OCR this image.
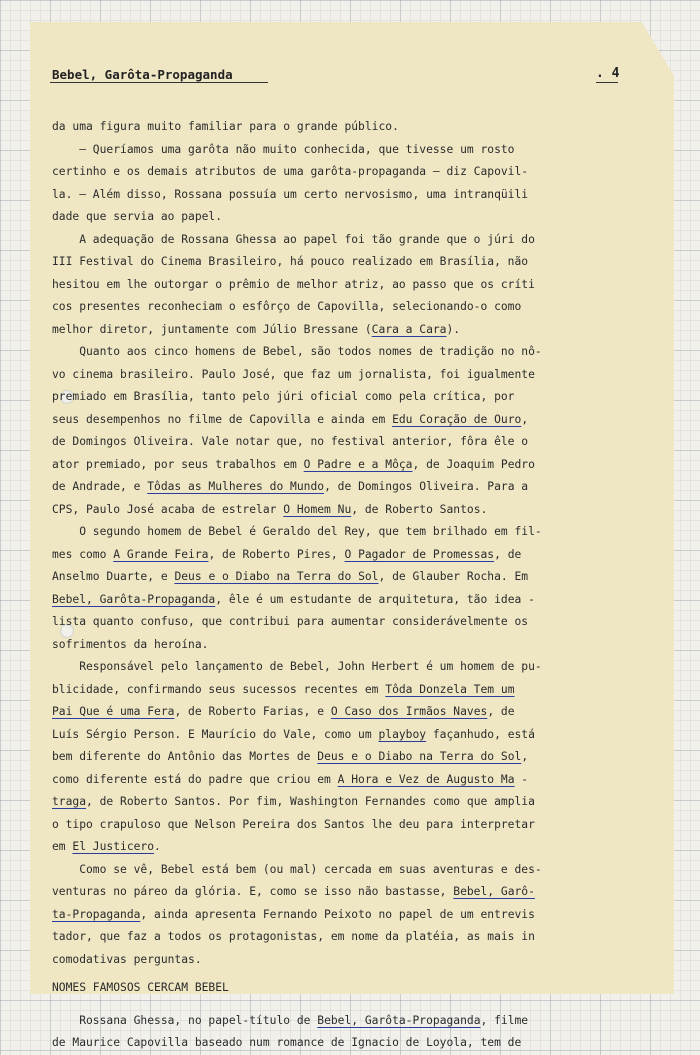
Bebel, Garôta-Propaganda	. 4
da uma figura muito familiar para o grande público.
— Queríamos uma garôta não muito conhecida, que tivesse um rosto
certinho e os demais atributos de uma garôta-propaganda — diz Capovil-
la. — Além disso, Rossana possuía um certo nervosismo, uma intranqüili
dade que servia ao papel.
A adequação de Rossana Ghessa ao papel foi tão grande que o júri do
III Festival do Cinema Brasileiro, há pouco realizado em Brasília, não
hesitou em lhe outorgar o prêmio de melhor atriz, ao passo que os críti
cos presentes reconheciam o esfôrço de Capovilla, selecionando-o como
melhor diretor, juntamente com Júlio Bressane (Cara a Cara).
Quanto aos cinco homens de Bebel, são todos nomes de tradição no nô-
vo cinema brasileiro. Paulo José, que faz um jornalista, foi igualmente
premiado em Brasília, tanto pelo júri oficial como pela crítica, por
seus desempenhos no filme de Capovilla e ainda em Edu Coração de Ouro,
de Domingos Oliveira. Vale notar que, no festival anterior, fôra êle o
ator premiado, por seus trabalhos em O Padre e a Môça, de Joaquim Pedro
de Andrade, e Tôdas as Mulheres do Mundo, de Domingos Oliveira. Para a
CPS, Paulo José acaba de estrelar O Homem Nu, de Roberto Santos.
O segundo homem de Bebel é Geraldo del Rey, que tem brilhado em fil-
mes como A Grande Feira, de Roberto Pires, O Pagador de Promessas, de
Anselmo Duarte, e Deus e o Diabo na Terra do Sol, de Glauber Rocha. Em
Bebel, Garôta-Propaganda, êle é um estudante de arquitetura, tão idea -
lista quanto confuso, que contribui para aumentar considerávelmente os
sofrimentos da heroína.
Responsável pelo lançamento de Bebel, John Herbert é um homem de pu-
blicidade, confirmando seus sucessos recentes em Tôda Donzela Tem um
Pai Que é uma Fera, de Roberto Farias, e O Caso dos Irmãos Naves, de
Luís Sérgio Person. E Maurício do Vale, como um playboy façanhudo, está
bem diferente do Antônio das Mortes de Deus e o Diabo na Terra do Sol,
como diferente está do padre que criou em A Hora e Vez de Augusto Ma -
traga, de Roberto Santos. Por fim, Washington Fernandes como que amplia
o tipo crapuloso que Nelson Pereira dos Santos lhe deu para interpretar
em El Justicero.
Como se vê, Bebel está bem (ou mal) cercada em suas aventuras e des-
venturas no páreo da glória. E, como se isso não bastasse, Bebel, Garô-
ta-Propaganda, ainda apresenta Fernando Peixoto no papel de um entrevis
tador, que faz a todos os protagonistas, em nome da platéia, as mais in
comodativas perguntas.
NOMES FAMOSOS CERCAM BEBEL
Rossana Ghessa, no papel-título de Bebel, Garôta-Propaganda, filme
de Maurice Capovilla baseado num romance de Ignacio de Loyola, tem de
